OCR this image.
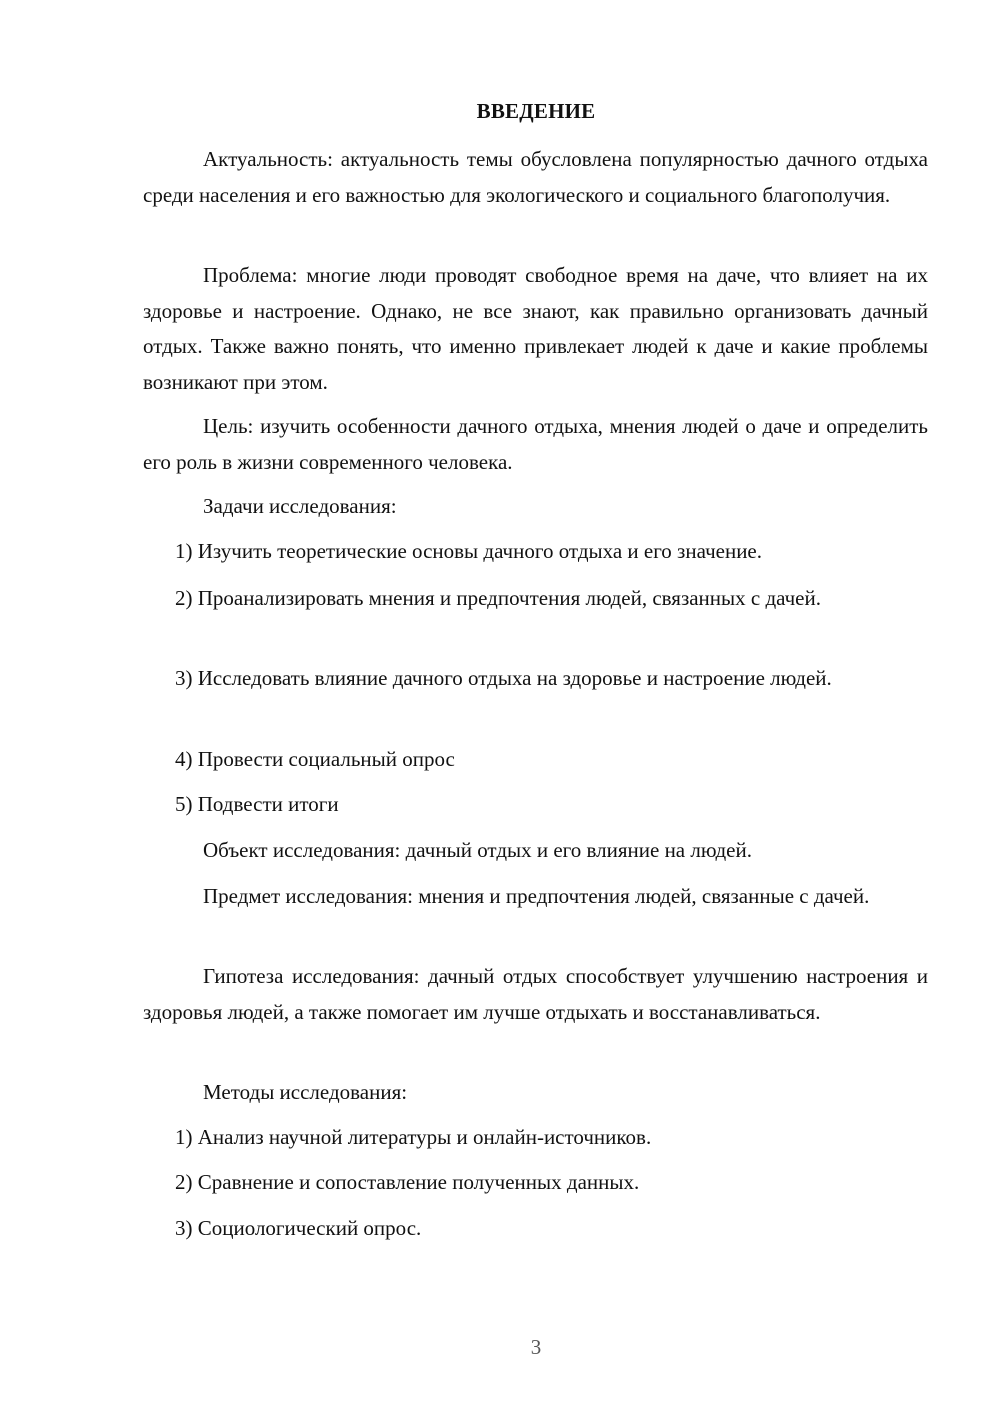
ВВЕДЕНИЕ

Актуальность: актуальность темы обусловлена популярностью дачного отдыха среди населения и его важностью для экологического и социального благополучия.

Проблема: многие люди проводят свободное время на даче, что влияет на их здоровье и настроение. Однако, не все знают, как правильно организовать дачный отдых. Также важно понять, что именно привлекает людей к даче и какие проблемы возникают при этом.

Цель: изучить особенности дачного отдыха, мнения людей о даче и определить его роль в жизни современного человека.

Задачи исследования:

1) Изучить теоретические основы дачного отдыха и его значение.

2) Проанализировать мнения и предпочтения людей, связанных с дачей.

3) Исследовать влияние дачного отдыха на здоровье и настроение людей.

4) Провести социальный опрос

5) Подвести итоги

Объект исследования: дачный отдых и его влияние на людей.

Предмет исследования: мнения и предпочтения людей, связанные с дачей.

Гипотеза исследования: дачный отдых способствует улучшению настроения и здоровья людей, а также помогает им лучше отдыхать и восстанавливаться.

Методы исследования:

1) Анализ научной литературы и онлайн-источников.

2) Сравнение и сопоставление полученных данных.

3) Социологический опрос.

3
